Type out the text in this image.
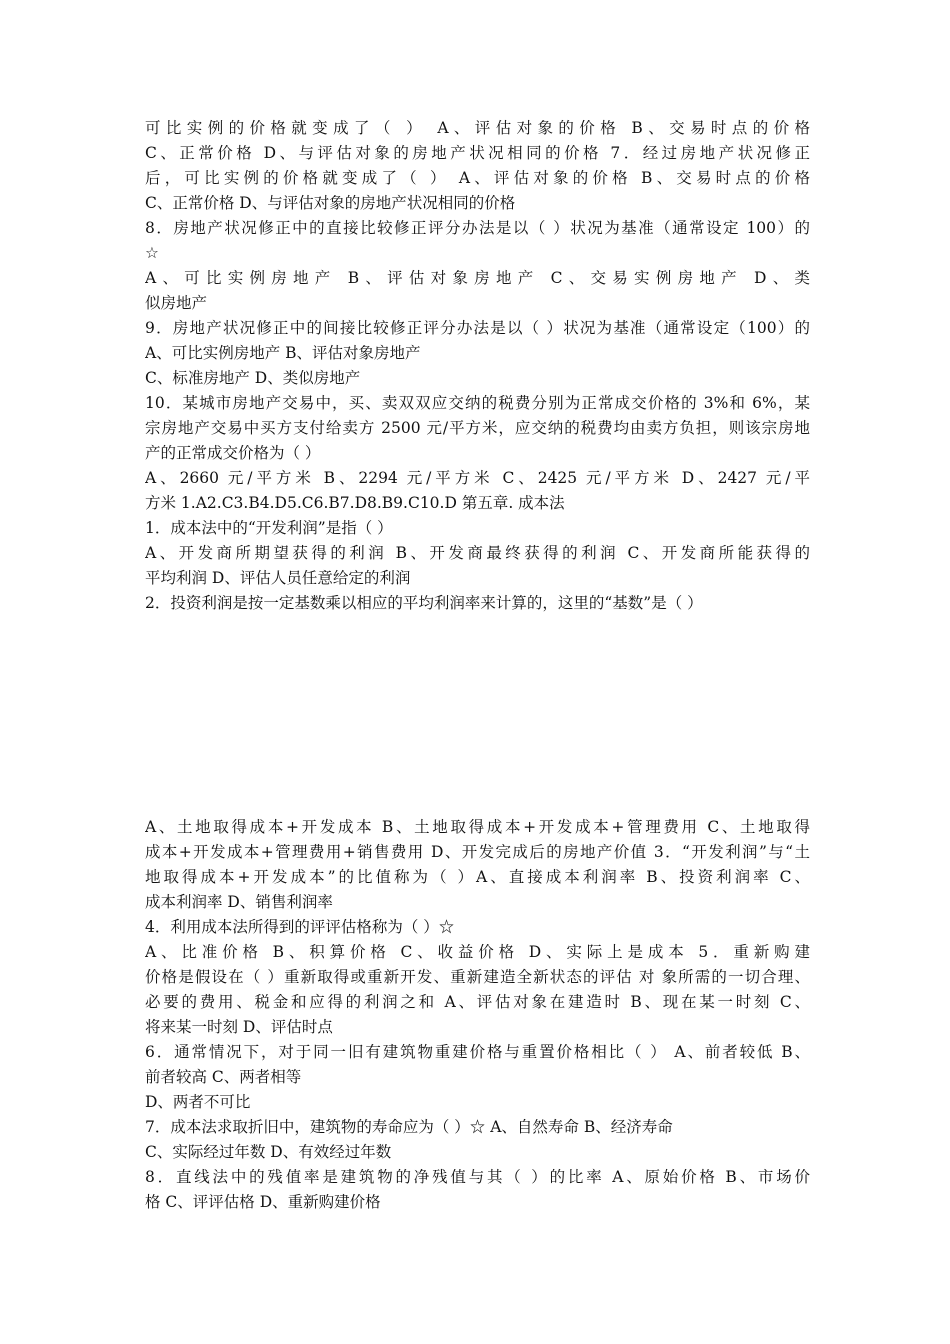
可比实例的价格就变成了（ ） A、评估对象的价格 B、交易时点的价格
C、正常价格 D、与评估对象的房地产状况相同的价格 7．经过房地产状况修正
后，可比实例的价格就变成了（ ） A、评估对象的价格 B、交易时点的价格
C、正常价格 D、与评估对象的房地产状况相同的价格
8．房地产状况修正中的直接比较修正评分办法是以（ ）状况为基准（通常设定 100）的
☆
A、可比实例房地产 B、评估对象房地产 C、交易实例房地产 D、类
似房地产
9．房地产状况修正中的间接比较修正评分办法是以（ ）状况为基准（通常设定（100）的
A、可比实例房地产 B、评估对象房地产
C、标准房地产 D、类似房地产
10．某城市房地产交易中，买、卖双双应交纳的税费分别为正常成交价格的 3%和 6%，某
宗房地产交易中买方支付给卖方 2500 元/平方米，应交纳的税费均由卖方负担，则该宗房地
产的正常成交价格为（ ）
A、2660 元/平方米 B、2294 元/平方米 C、2425 元/平方米 D、2427 元/平
方米 1.A2.C3.B4.D5.C6.B7.D8.B9.C10.D 第五章. 成本法
1．成本法中的“开发利润”是指（ ）
A、开发商所期望获得的利润 B、开发商最终获得的利润 C、开发商所能获得的
平均利润 D、评估人员任意给定的利润
2．投资利润是按一定基数乘以相应的平均利润率来计算的，这里的“基数”是（ ）
A、土地取得成本+开发成本 B、土地取得成本+开发成本+管理费用 C、土地取得
成本+开发成本+管理费用+销售费用 D、开发完成后的房地产价值 3．“开发利润”与“土
地取得成本+开发成本”的比值称为（ ）A、直接成本利润率 B、投资利润率 C、
成本利润率 D、销售利润率
4．利用成本法所得到的评评估格称为（ ）☆
A、比准价格 B、积算价格 C、收益价格 D、实际上是成本 5．重新购建
价格是假设在（ ）重新取得或重新开发、重新建造全新状态的评估 对 象所需的一切合理、
必要的费用、税金和应得的利润之和 A、评估对象在建造时 B、现在某一时刻 C、
将来某一时刻 D、评估时点
6．通常情况下，对于同一旧有建筑物重建价格与重置价格相比（ ） A、前者较低 B、
前者较高 C、两者相等
D、两者不可比
7．成本法求取折旧中，建筑物的寿命应为（ ）☆ A、自然寿命 B、经济寿命
C、实际经过年数 D、有效经过年数
8．直线法中的残值率是建筑物的净残值与其（ ）的比率 A、原始价格 B、市场价
格 C、评评估格 D、重新购建价格
